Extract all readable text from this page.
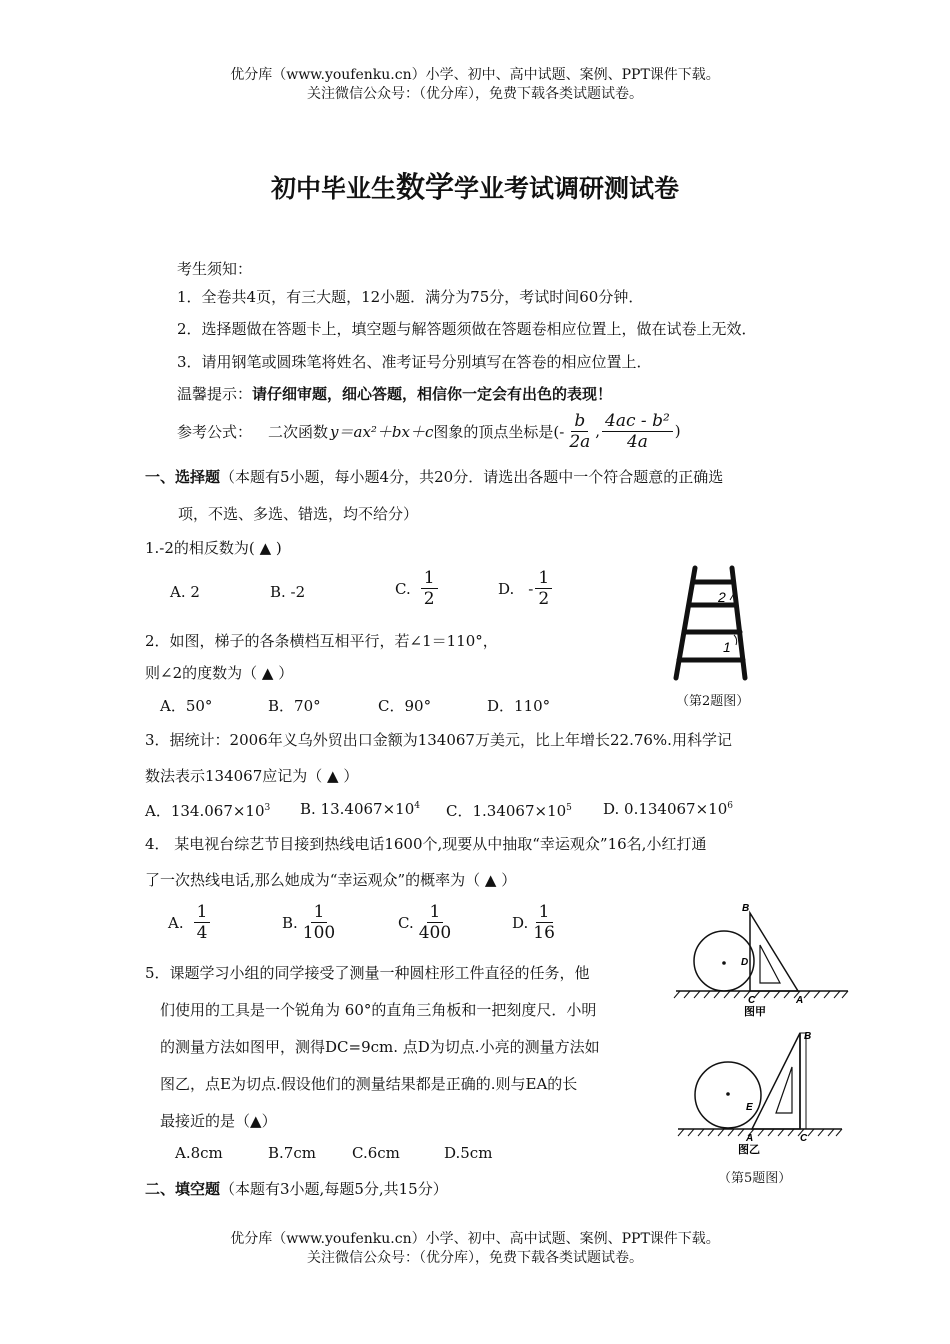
优分库（www.youfenku.cn）小学、初中、高中试题、案例、PPT课件下载。
关注微信公众号：（优分库），免费下载各类试题试卷。
初中毕业生数学学业考试调研测试卷
考生须知：
1．全卷共4页，有三大题，12小题．满分为75分，考试时间60分钟．
2．选择题做在答题卡上，填空题与解答题须做在答题卷相应位置上，做在试卷上无效．
3．请用钢笔或圆珠笔将姓名、准考证号分别填写在答卷的相应位置上．
温馨提示：请仔细审题，细心答题，相信你一定会有出色的表现！
参考公式： 二次函数 y＝ax²＋bx＋c 图象的顶点坐标是(- $\frac{b}{2a}$ , $\frac{\text{4ac - b²}}{4a}$ )
一、选择题（本题有5小题，每小题4分，共20分．请选出各题中一个符合题意的正确选
项，不选、多选、错选，均不给分）
1.-2的相反数为( ▲ )
A. 2	B. -2	C. $\frac{1}{2}$	D. - $\frac{1}{2}$	2
1
（第2题图）
2．如图，梯子的各条横档互相平行，若∠1＝110°，
则∠2的度数为（ ▲ ）
A．50°	B．70°	C．90°	D．110°
3．据统计：2006年义乌外贸出口金额为134067万美元，比上年增长22.76%.用科学记
数法表示134067应记为（ ▲ ）
A．$134.067\times 10^3$ B. $13.4067\times 10^4$ C．$1.34067\times 10^5$ D. $0.134067\times 10^6$
4． 某电视台综艺节目接到热线电话1600个,现要从中抽取“幸运观众”16名,小红打通
了一次热线电话,那么她成为“幸运观众”的概率为（ ▲ ）
A. $\frac{1}{4}$	B. $\frac{1}{100}$	C. $\frac{1}{400}$	D. $\frac{1}{16}$
5．课题学习小组的同学接受了测量一种圆柱形工件直径的任务，他
们使用的工具是一个锐角为 60°的直角三角板和一把刻度尺．小明
的测量方法如图甲，测得DC=9cm. 点D为切点.小亮的测量方法如
图乙，点E为切点.假设他们的测量结果都是正确的.则与EA的长
最接近的是（▲）
A.8cm	B.7cm C.6cm	D.5cm
B
D
C	A
图甲
B
E
A	C
图乙
（第5题图）
二、填空题（本题有3小题,每题5分,共15分）
优分库（www.youfenku.cn）小学、初中、高中试题、案例、PPT课件下载。
关注微信公众号：（优分库），免费下载各类试题试卷。
